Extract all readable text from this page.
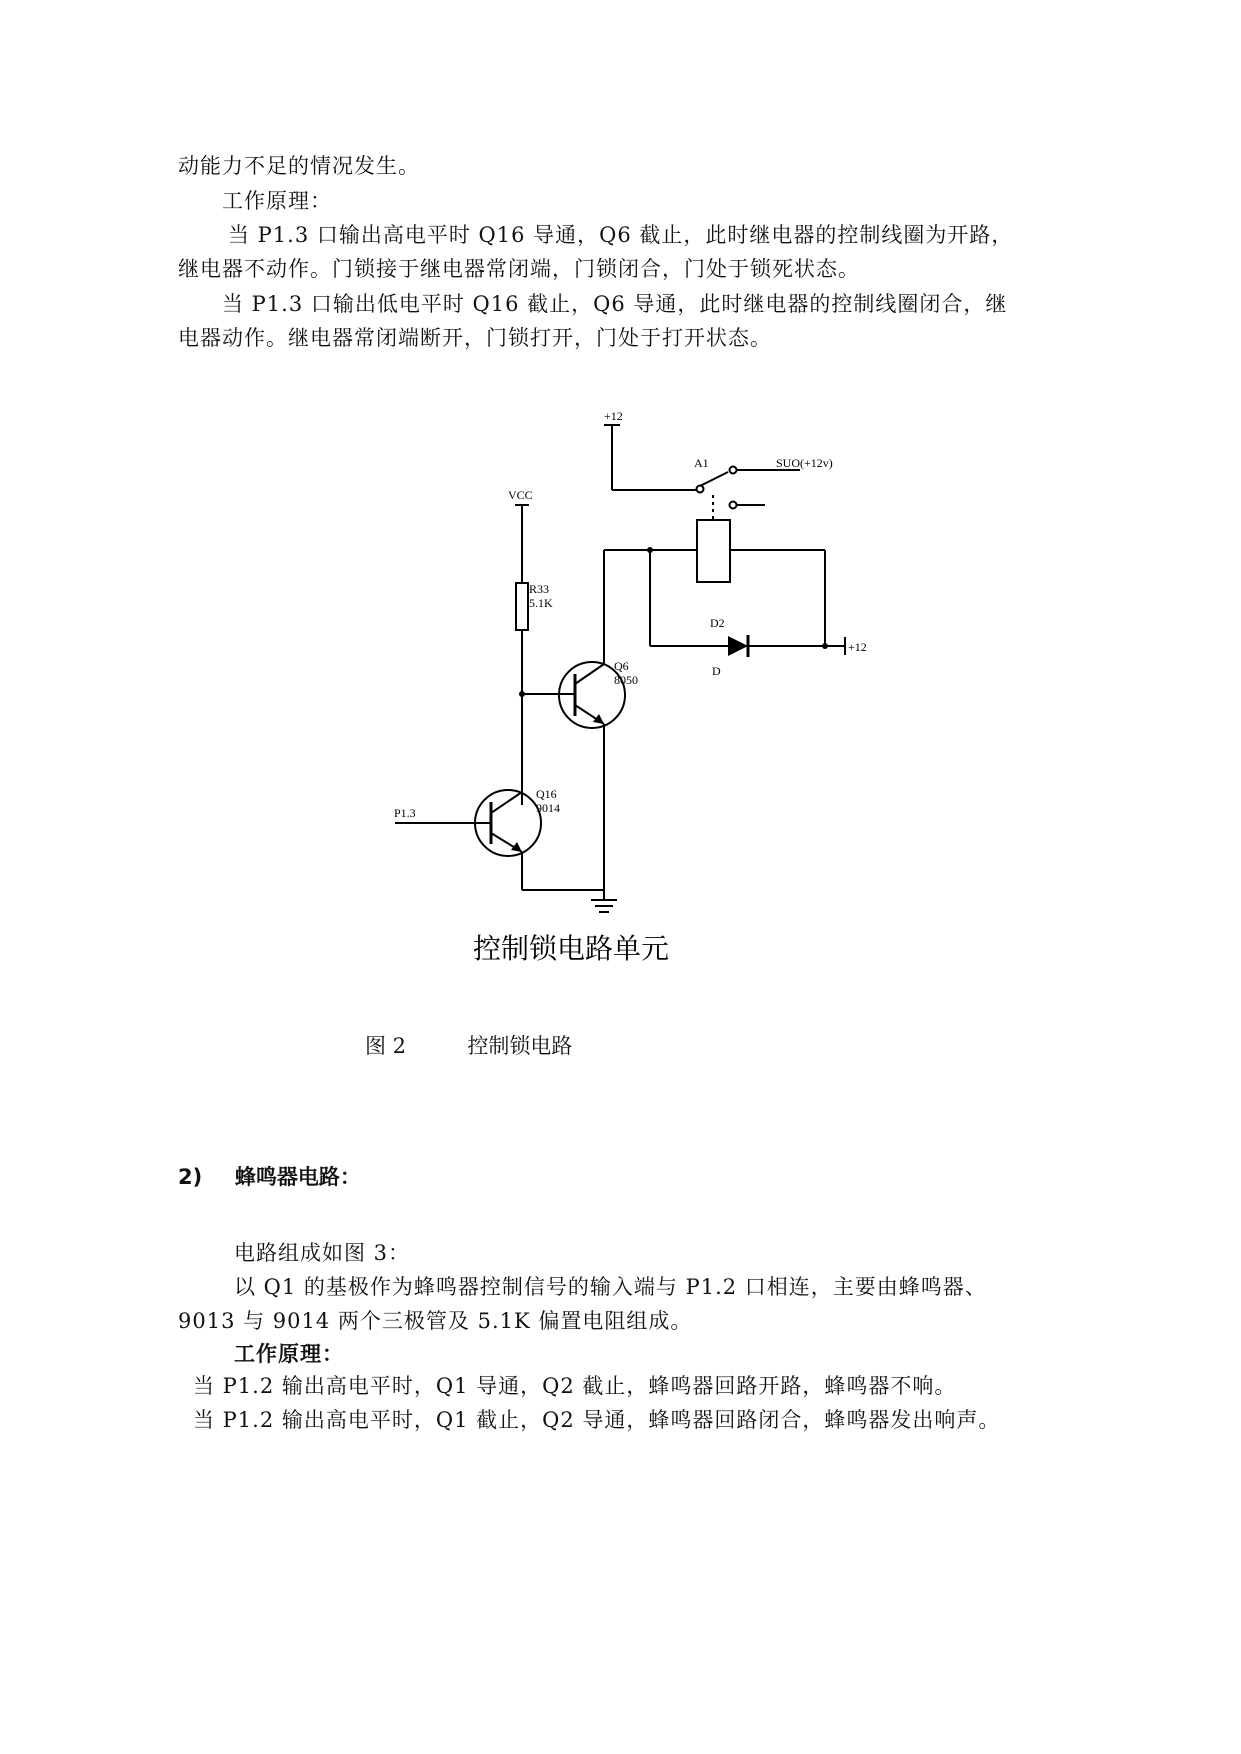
动能力不足的情况发生。

工作原理：

当 P1.3 口输出高电平时 Q16 导通，Q6 截止，此时继电器的控制线圈为开路，

继电器不动作。门锁接于继电器常闭端，门锁闭合，门处于锁死状态。

当 P1.3 口输出低电平时 Q16 截止，Q6 导通，此时继电器的控制线圈闭合，继

电器动作。继电器常闭端断开，门锁打开，门处于打开状态。

+12
A1	SUO(+12v)
VCC
R33
5.1K
D2
D
+12
Q6
8050
Q16
9014
P1.3
控制锁电路单元
图 2	控制锁电路

2) 蜂鸣器电路：

电路组成如图 3：

以 Q1 的基极作为蜂鸣器控制信号的输入端与 P1.2 口相连，主要由蜂鸣器、

9013 与 9014 两个三极管及 5.1K 偏置电阻组成。

工作原理：

当 P1.2 输出高电平时，Q1 导通，Q2 截止，蜂鸣器回路开路，蜂鸣器不响。

当 P1.2 输出高电平时，Q1 截止，Q2 导通，蜂鸣器回路闭合，蜂鸣器发出响声。
